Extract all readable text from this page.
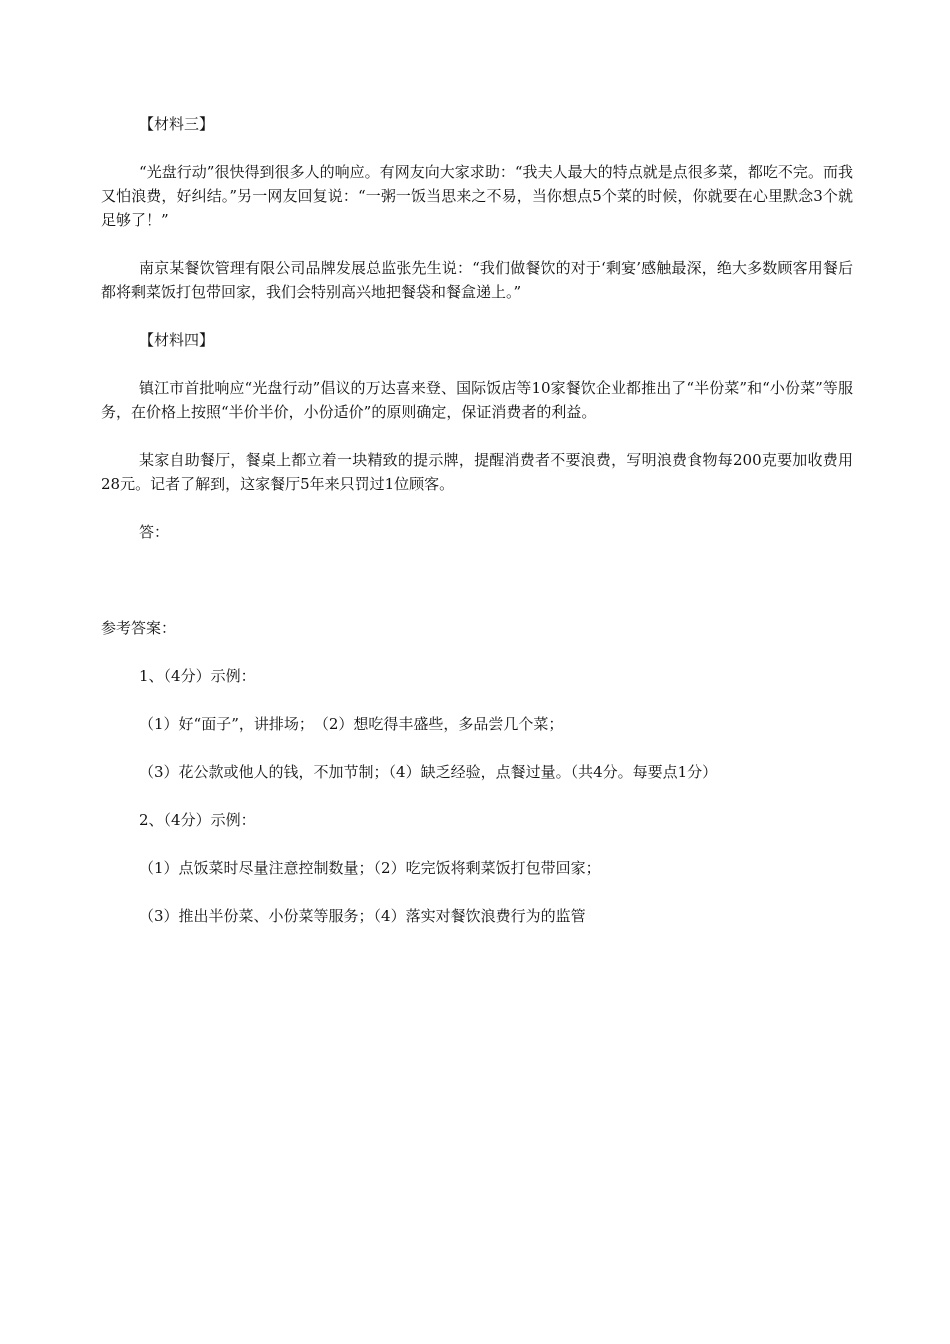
【材料三】

“光盘行动”很快得到很多人的响应。有网友向大家求助：“我夫人最大的特点就是点很多菜，都吃不完。而我又怕浪费，好纠结。”另一网友回复说：“一粥一饭当思来之不易，当你想点5个菜的时候，你就要在心里默念3个就足够了！”

南京某餐饮管理有限公司品牌发展总监张先生说：“我们做餐饮的对于‘剩宴’感触最深，绝大多数顾客用餐后都将剩菜饭打包带回家，我们会特别高兴地把餐袋和餐盒递上。”

【材料四】

镇江市首批响应“光盘行动”倡议的万达喜来登、国际饭店等10家餐饮企业都推出了“半份菜”和“小份菜”等服务，在价格上按照“半价半价，小份适价”的原则确定，保证消费者的利益。

某家自助餐厅，餐桌上都立着一块精致的提示牌，提醒消费者不要浪费，写明浪费食物每200克要加收费用28元。记者了解到，这家餐厅5年来只罚过1位顾客。

答：

参考答案：

1、（4分）示例：

（1）好“面子”，讲排场；　（2）想吃得丰盛些，多品尝几个菜；

（3）花公款或他人的钱，不加节制；（4）缺乏经验，点餐过量。（共4分。每要点1分）

2、（4分）示例：

（1）点饭菜时尽量注意控制数量；（2）吃完饭将剩菜饭打包带回家；

（3）推出半份菜、小份菜等服务；（4）落实对餐饮浪费行为的监管
